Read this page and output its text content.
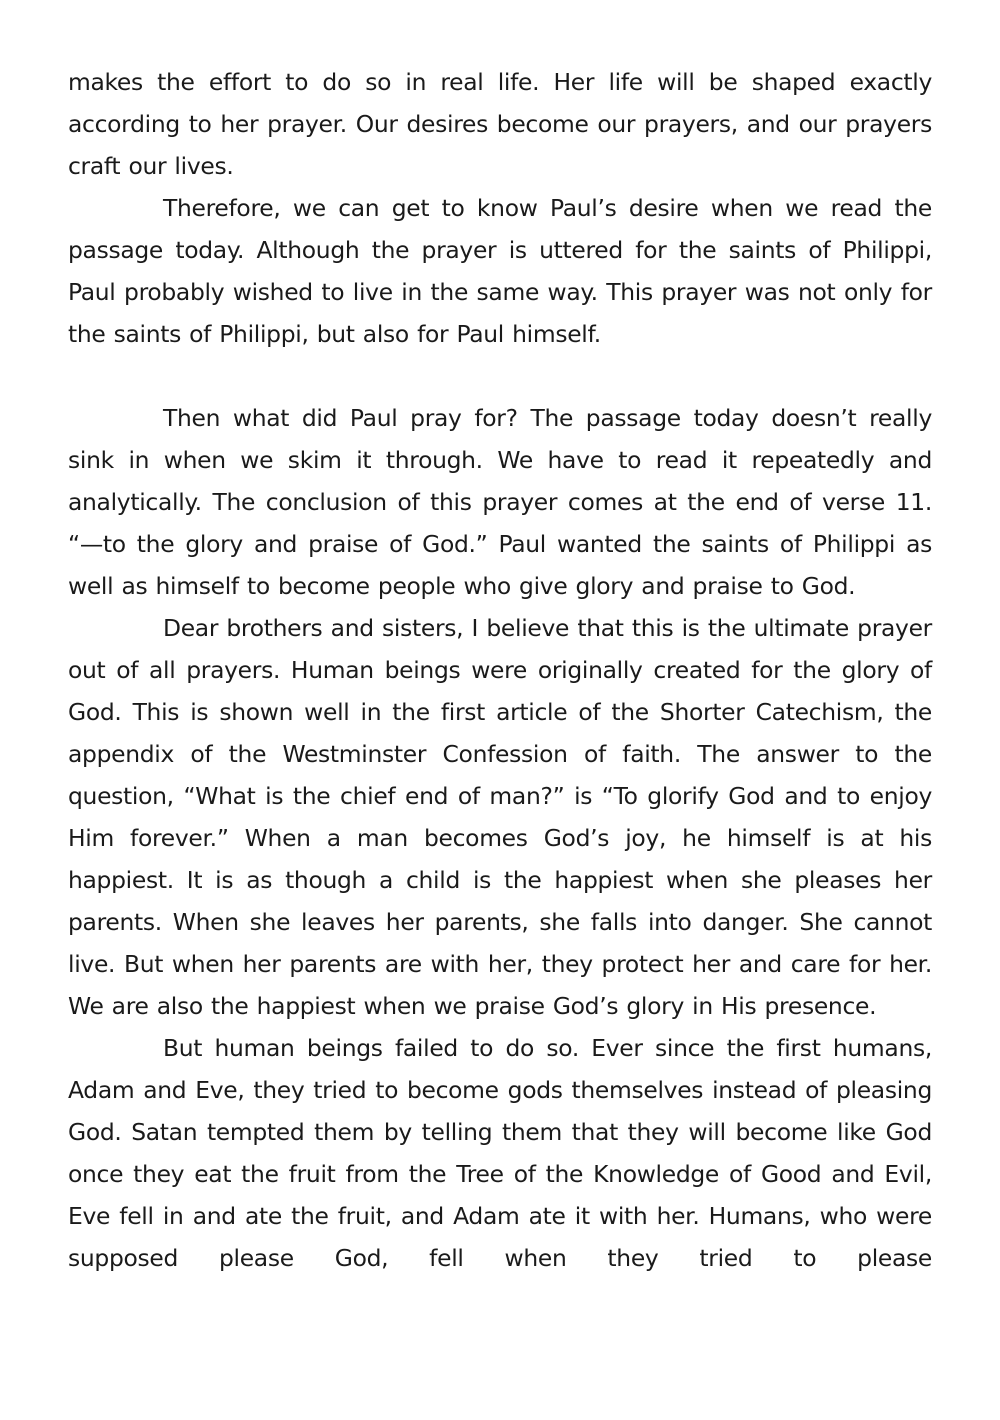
makes the effort to do so in real life. Her life will be shaped exactly according to her prayer. Our desires become our prayers, and our prayers craft our lives.

Therefore, we can get to know Paul’s desire when we read the passage today. Although the prayer is uttered for the saints of Philippi, Paul probably wished to live in the same way. This prayer was not only for the saints of Philippi, but also for Paul himself.

Then what did Paul pray for? The passage today doesn’t really sink in when we skim it through. We have to read it repeatedly and analytically. The conclusion of this prayer comes at the end of verse 11. “—to the glory and praise of God.” Paul wanted the saints of Philippi as well as himself to become people who give glory and praise to God.

Dear brothers and sisters, I believe that this is the ultimate prayer out of all prayers. Human beings were originally created for the glory of God. This is shown well in the first article of the Shorter Catechism, the appendix of the Westminster Confession of faith. The answer to the question, “What is the chief end of man?” is “To glorify God and to enjoy Him forever.” When a man becomes God’s joy, he himself is at his happiest. It is as though a child is the happiest when she pleases her parents. When she leaves her parents, she falls into danger. She cannot live. But when her parents are with her, they protect her and care for her. We are also the happiest when we praise God’s glory in His presence.

But human beings failed to do so. Ever since the first humans, Adam and Eve, they tried to become gods themselves instead of pleasing God. Satan tempted them by telling them that they will become like God once they eat the fruit from the Tree of the Knowledge of Good and Evil, Eve fell in and ate the fruit, and Adam ate it with her. Humans, who were supposed please God, fell when they tried to please
